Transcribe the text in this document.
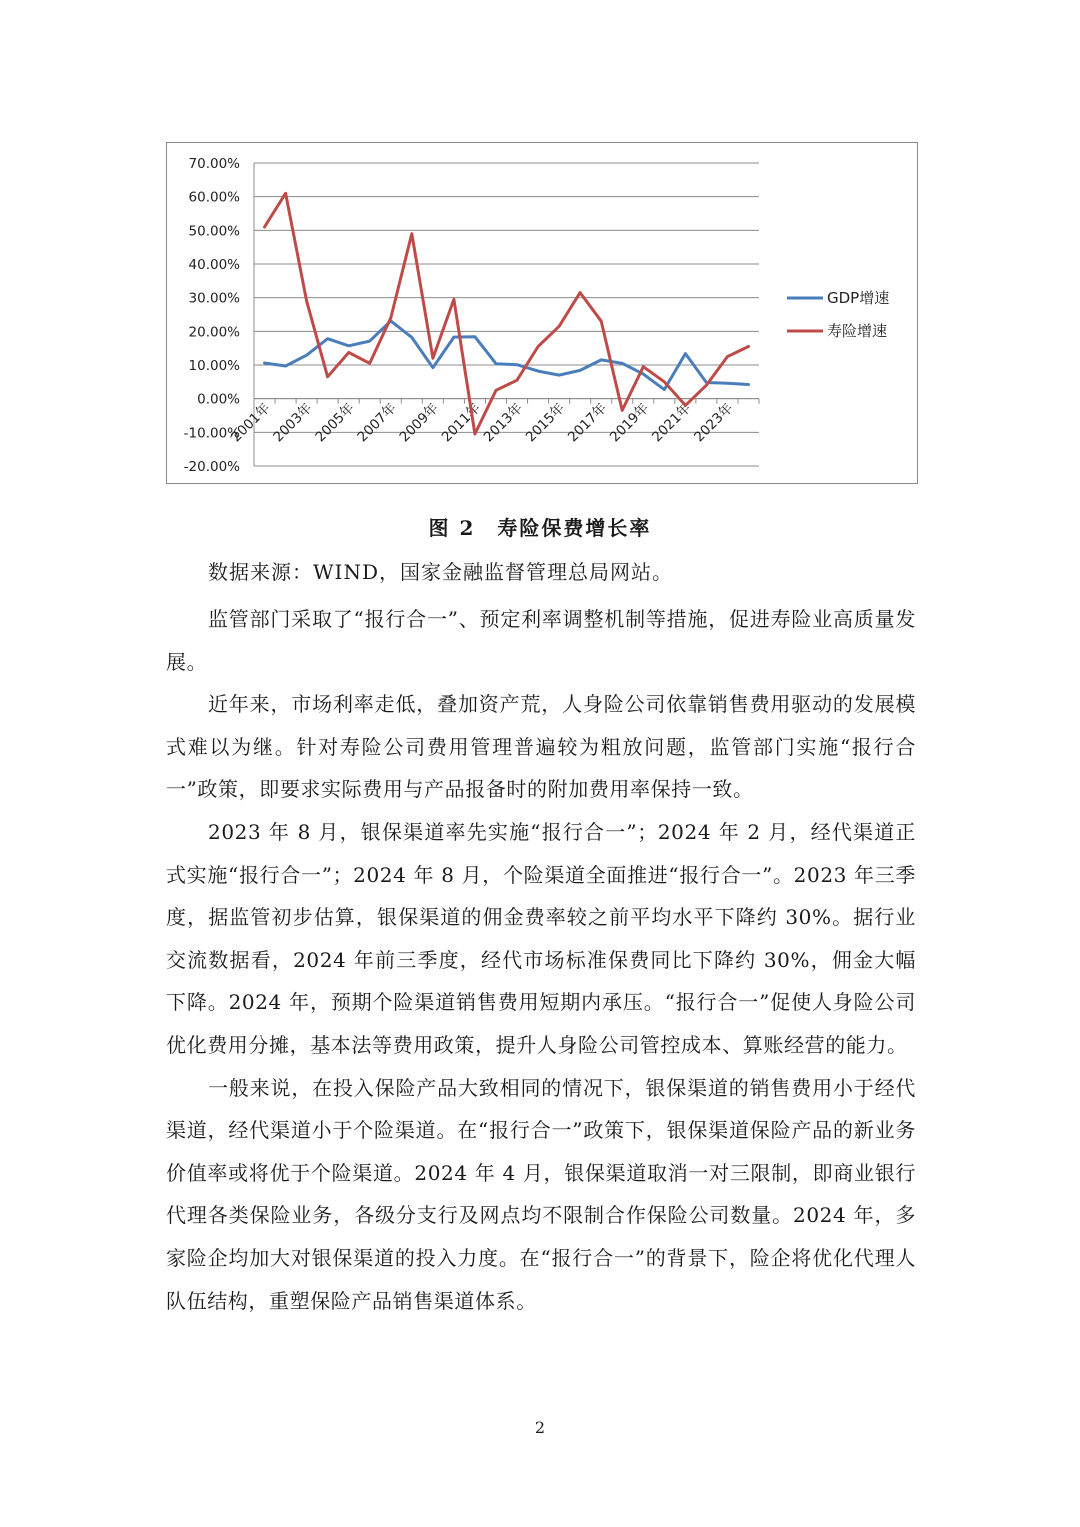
70.00%
60.00%
50.00%
40.00%
30.00%
20.00%
10.00%
0.00%
-10.00%
-20.00%
2001年
2003年
2005年
2007年
2009年
2011年
2013年
2015年
2017年
2019年
2021年
2023年
GDP增速
寿险增速
图 2　寿险保费增长率
数据来源：WIND，国家金融监督管理总局网站。

监管部门采取了“报行合一”、预定利率调整机制等措施，促进寿险业高质量发展。

近年来，市场利率走低，叠加资产荒，人身险公司依靠销售费用驱动的发展模式难以为继。针对寿险公司费用管理普遍较为粗放问题，监管部门实施“报行合一”政策，即要求实际费用与产品报备时的附加费用率保持一致。

2023 年 8 月，银保渠道率先实施“报行合一”；2024 年 2 月，经代渠道正式实施“报行合一”；2024 年 8 月，个险渠道全面推进“报行合一”。2023 年三季度，据监管初步估算，银保渠道的佣金费率较之前平均水平下降约 30%。据行业交流数据看，2024 年前三季度，经代市场标准保费同比下降约 30%，佣金大幅下降。2024 年，预期个险渠道销售费用短期内承压。“报行合一”促使人身险公司优化费用分摊，基本法等费用政策，提升人身险公司管控成本、算账经营的能力。

一般来说，在投入保险产品大致相同的情况下，银保渠道的销售费用小于经代渠道，经代渠道小于个险渠道。在“报行合一”政策下，银保渠道保险产品的新业务价值率或将优于个险渠道。2024 年 4 月，银保渠道取消一对三限制，即商业银行代理各类保险业务，各级分支行及网点均不限制合作保险公司数量。2024 年，多家险企均加大对银保渠道的投入力度。在“报行合一”的背景下，险企将优化代理人队伍结构，重塑保险产品销售渠道体系。

2
